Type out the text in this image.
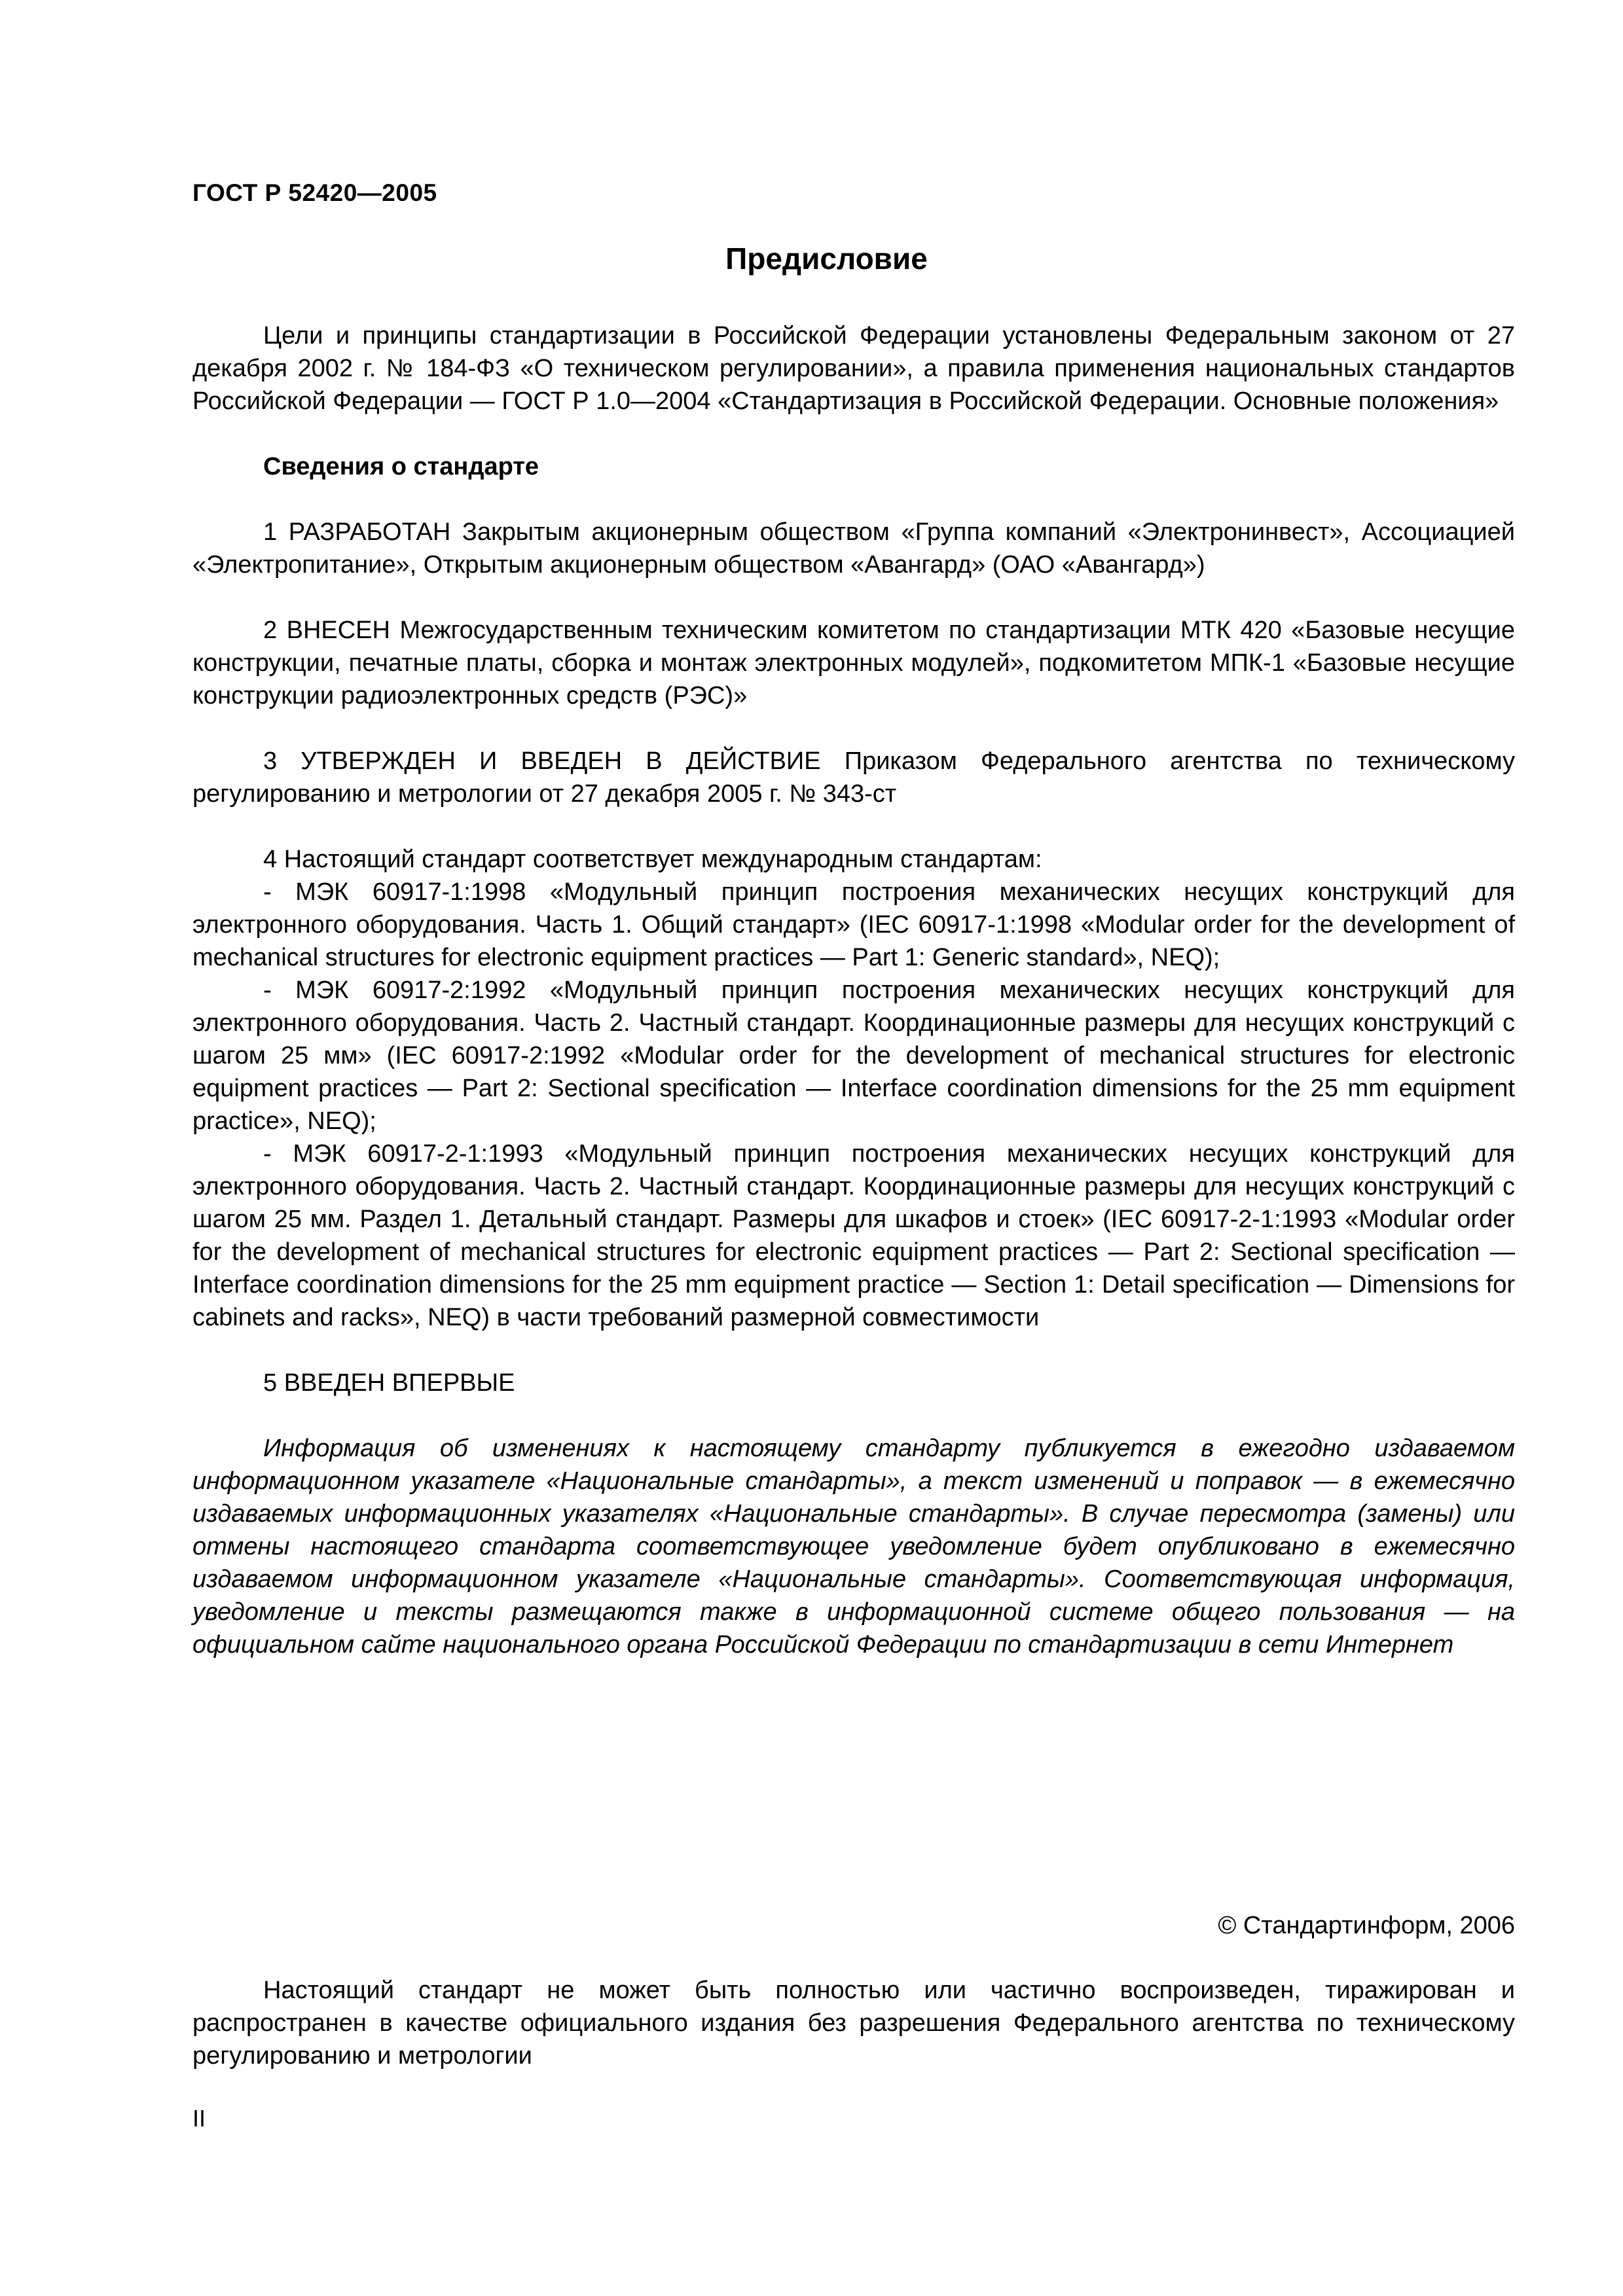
ГОСТ Р 52420—2005
Предисловие

Цели и принципы стандартизации в Российской Федерации установлены Федеральным законом от 27 декабря 2002 г. № 184-ФЗ «О техническом регулировании», а правила применения национальных стандартов Российской Федерации — ГОСТ Р 1.0—2004 «Стандартизация в Российской Федерации. Основные положения»

Сведения о стандарте

1 РАЗРАБОТАН Закрытым акционерным обществом «Группа компаний «Электронинвест», Ассоциацией «Электропитание», Открытым акционерным обществом «Авангард» (ОАО «Авангард»)

2 ВНЕСЕН Межгосударственным техническим комитетом по стандартизации МТК 420 «Базовые несущие конструкции, печатные платы, сборка и монтаж электронных модулей», подкомитетом МПК-1 «Базовые несущие конструкции радиоэлектронных средств (РЭС)»

3 УТВЕРЖДЕН И ВВЕДЕН В ДЕЙСТВИЕ Приказом Федерального агентства по техническому регулированию и метрологии от 27 декабря 2005 г. № 343-ст

4 Настоящий стандарт соответствует международным стандартам:

- МЭК 60917-1:1998 «Модульный принцип построения механических несущих конструкций для электронного оборудования. Часть 1. Общий стандарт» (IEC 60917-1:1998 «Modular order for the development of mechanical structures for electronic equipment practices — Part 1: Generic standard», NEQ);

- МЭК 60917-2:1992 «Модульный принцип построения механических несущих конструкций для электронного оборудования. Часть 2. Частный стандарт. Координационные размеры для несущих конструкций с шагом 25 мм» (IEC 60917-2:1992 «Modular order for the development of mechanical structures for electronic equipment practices — Part 2: Sectional specification — Interface coordination dimensions for the 25 mm equipment practice», NEQ);

- МЭК 60917-2-1:1993 «Модульный принцип построения механических несущих конструкций для электронного оборудования. Часть 2. Частный стандарт. Координационные размеры для несущих конструкций с шагом 25 мм. Раздел 1. Детальный стандарт. Размеры для шкафов и стоек» (IEC 60917-2-1:1993 «Modular order for the development of mechanical structures for electronic equipment practices — Part 2: Sectional specification — Interface coordination dimensions for the 25 mm equipment practice — Section 1: Detail specification — Dimensions for cabinets and racks», NEQ) в части требований размерной совместимости

5 ВВЕДЕН ВПЕРВЫЕ

Информация об изменениях к настоящему стандарту публикуется в ежегодно издаваемом информационном указателе «Национальные стандарты», а текст изменений и поправок — в ежемесячно издаваемых информационных указателях «Национальные стандарты». В случае пересмотра (замены) или отмены настоящего стандарта соответствующее уведомление будет опубликовано в ежемесячно издаваемом информационном указателе «Национальные стандарты». Соответствующая информация, уведомление и тексты размещаются также в информационной системе общего пользования — на официальном сайте национального органа Российской Федерации по стандартизации в сети Интернет

© Стандартинформ, 2006

Настоящий стандарт не может быть полностью или частично воспроизведен, тиражирован и распространен в качестве официального издания без разрешения Федерального агентства по техническому регулированию и метрологии

II
